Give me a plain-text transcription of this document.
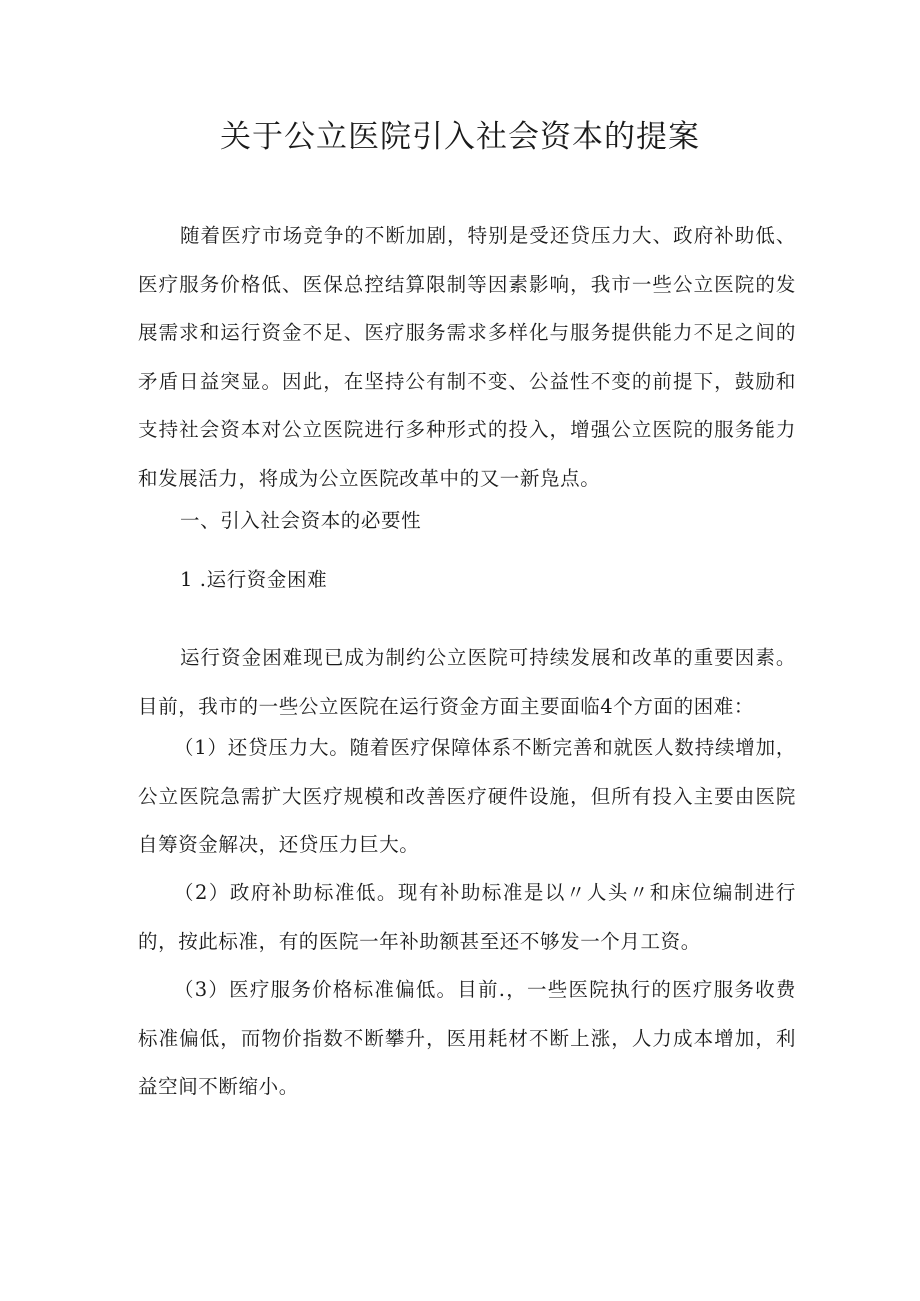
关于公立医院引入社会资本的提案

随着医疗市场竞争的不断加剧，特别是受还贷压力大、政府补助低、医疗服务价格低、医保总控结算限制等因素影响，我市一些公立医院的发展需求和运行资金不足、医疗服务需求多样化与服务提供能力不足之间的矛盾日益突显。因此，在坚持公有制不变、公益性不变的前提下，鼓励和支持社会资本对公立医院进行多种形式的投入，增强公立医院的服务能力和发展活力，将成为公立医院改革中的又一新凫点。

一、引入社会资本的必要性
1 .运行资金困难

运行资金困难现已成为制约公立医院可持续发展和改革的重要因素。目前，我市的一些公立医院在运行资金方面主要面临4个方面的困难：

（1）还贷压力大。随着医疗保障体系不断完善和就医人数持续增加，公立医院急需扩大医疗规模和改善医疗硬件设施，但所有投入主要由医院自筹资金解决，还贷压力巨大。

（2）政府补助标准低。现有补助标准是以〃人头〃和床位编制进行的，按此标准，有的医院一年补助额甚至还不够发一个月工资。

（3）医疗服务价格标准偏低。目前.，一些医院执行的医疗服务收费标准偏低，而物价指数不断攀升，医用耗材不断上涨，人力成本增加，利益空间不断缩小。
